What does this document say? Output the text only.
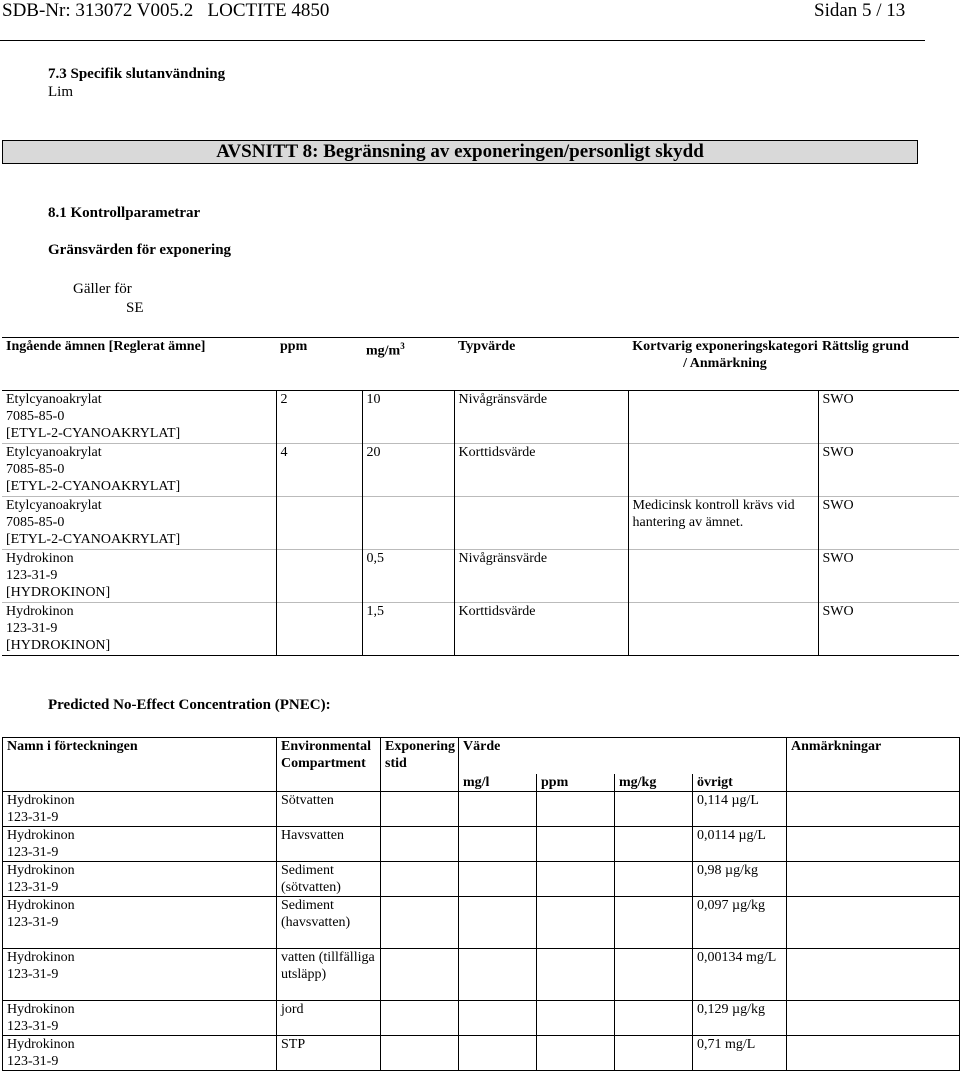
SDB-Nr: 313072 V005.2 LOCTITE 4850	Sidan 5 / 13
7.3 Specifik slutanvändning
Lim
AVSNITT 8: Begränsning av exponeringen/personligt skydd
8.1 Kontrollparametrar
Gränsvärden för exponering
Gäller för
SE
Ingående ämnen [Reglerat ämne]	ppm	$mg/m^3$	Typvärde	Kortvarig exponeringskategori / Anmärkning	Rättslig grund

Etylcyanoakrylat
7085-85-0
[ETYL-2-CYANOAKRYLAT]	2	10	Nivågränsvärde		SWO

Etylcyanoakrylat
7085-85-0
[ETYL-2-CYANOAKRYLAT]	4	20	Korttidsvärde		SWO

Etylcyanoakrylat
7085-85-0
[ETYL-2-CYANOAKRYLAT]				Medicinsk kontroll krävs vid hantering av ämnet.	SWO

Hydrokinon
123-31-9
[HYDROKINON]		0,5	Nivågränsvärde		SWO

Hydrokinon
123-31-9
[HYDROKINON]		1,5	Korttidsvärde		SWO
Predicted No-Effect Concentration (PNEC):
Namn i förteckningen	Environmental Compartment	Exponeringstid	Värde				Anmärkningar
			mg/l	ppm	mg/kg	övrigt	

Hydrokinon
123-31-9	Sötvatten					0,114 µg/L	

Hydrokinon
123-31-9	Havsvatten					0,0114 µg/L	

Hydrokinon
123-31-9	Sediment (sötvatten)					0,98 µg/kg	

Hydrokinon
123-31-9	Sediment (havsvatten)					0,097 µg/kg	

Hydrokinon
123-31-9	vatten (tillfälliga utsläpp)					0,00134 mg/L	

Hydrokinon
123-31-9	jord					0,129 µg/kg	

Hydrokinon
123-31-9	STP					0,71 mg/L	
